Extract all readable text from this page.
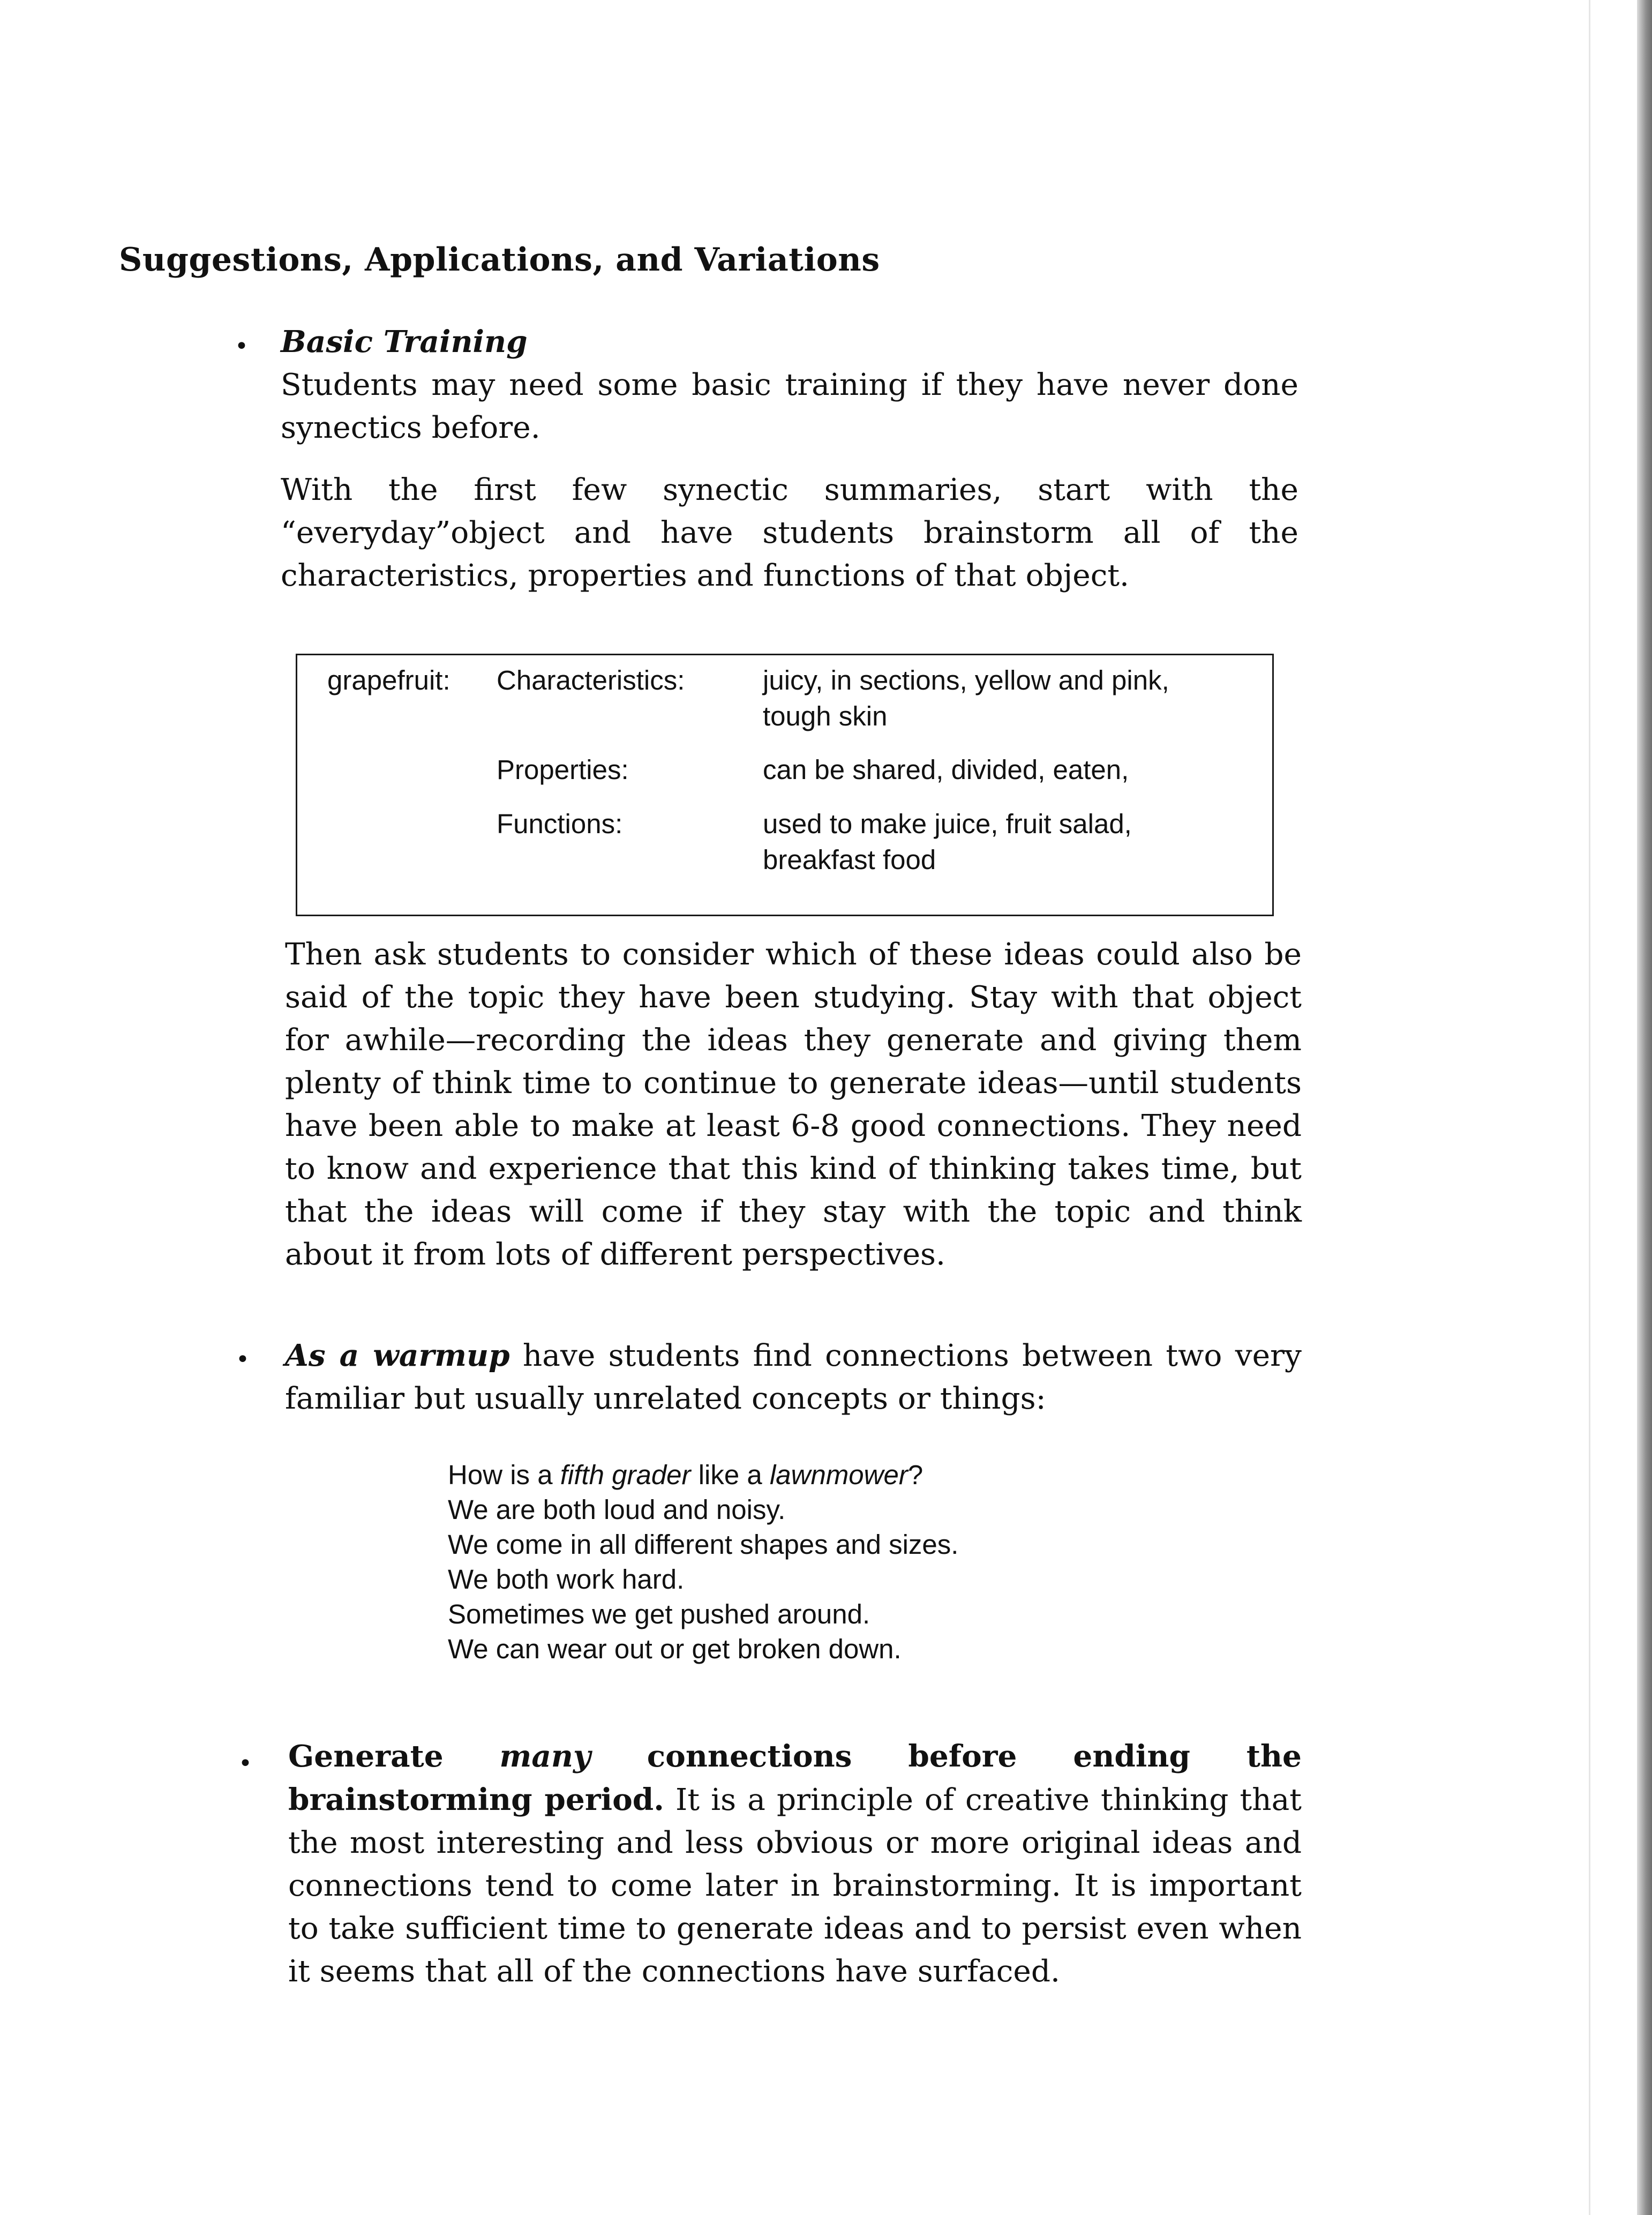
Suggestions, Applications, and Variations
• Basic Training

Students may need some basic training if they have never done synectics before.

With the first few synectic summaries, start with the “everyday”object and have students brainstorm all of the characteristics, properties and functions of that object.

grapefruit: Characteristics:	juicy, in sections, yellow and pink,
tough skin
Properties:	can be shared, divided, eaten,
Functions:	used to make juice, fruit salad,
breakfast food
Then ask students to consider which of these ideas could also be said of the topic they have been studying. Stay with that object for awhile—recording the ideas they generate and giving them plenty of think time to continue to generate ideas—until students have been able to make at least 6-8 good connections. They need to know and experience that this kind of thinking takes time, but that the ideas will come if they stay with the topic and think about it from lots of different perspectives.
• As a warmup have students find connections between two very familiar but usually unrelated concepts or things:

How is a fifth grader like a lawnmower?
We are both loud and noisy.
We come in all different shapes and sizes.
We both work hard.
Sometimes we get pushed around.
We can wear out or get broken down.
• Generate many connections before ending the brainstorming period. It is a principle of creative thinking that the most interesting and less obvious or more original ideas and connections tend to come later in brainstorming. It is important to take sufficient time to generate ideas and to persist even when it seems that all of the connections have surfaced.
